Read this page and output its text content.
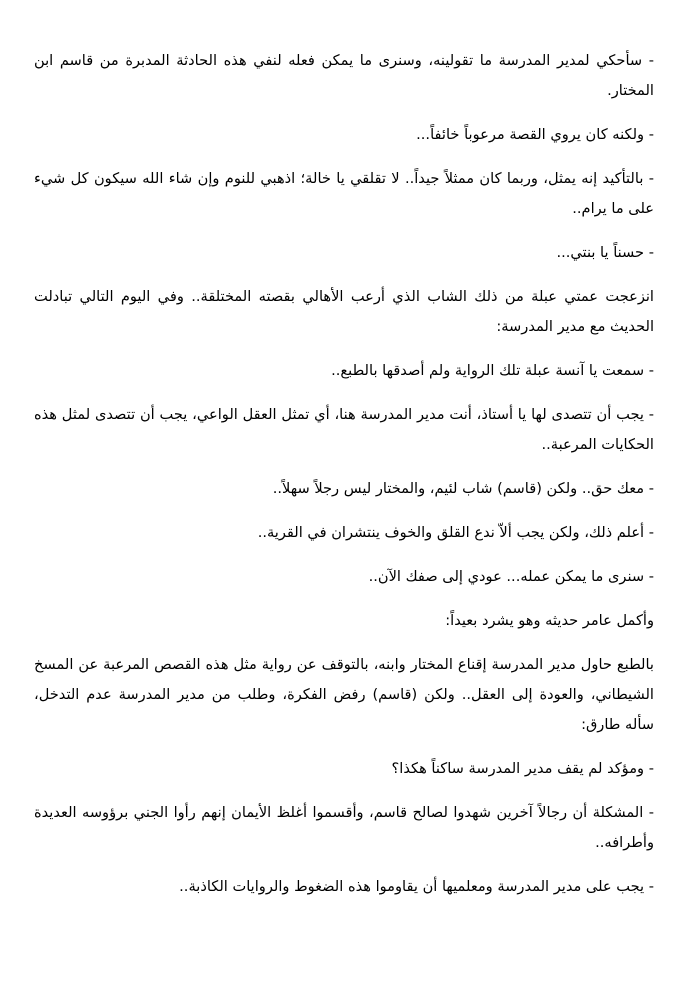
- سأحكي لمدير المدرسة ما تقولينه، وسنرى ما يمكن فعله لنفي هذه الحادثة المدبرة من قاسم ابن المختار.

- ولكنه كان يروي القصة مرعوباً خائفاً...

- بالتأكيد إنه يمثل، وربما كان ممثلاً جيداً.. لا تقلقي يا خالة؛ اذهبي للنوم وإن شاء الله سيكون كل شيء على ما يرام..

- حسناً يا بنتي...

انزعجت عمتي عبلة من ذلك الشاب الذي أرعب الأهالي بقصته المختلقة.. وفي اليوم التالي تبادلت الحديث مع مدير المدرسة:

- سمعت يا آنسة عبلة تلك الرواية ولم أصدقها بالطبع..

- يجب أن تتصدى لها يا أستاذ، أنت مدير المدرسة هنا، أي تمثل العقل الواعي، يجب أن تتصدى لمثل هذه الحكايات المرعبة..

- معك حق.. ولكن (قاسم) شاب لئيم، والمختار ليس رجلاً سهلاً..

- أعلم ذلك، ولكن يجب ألاّ ندع القلق والخوف ينتشران في القرية..

- سنرى ما يمكن عمله... عودي إلى صفك الآن..

وأكمل عامر حديثه وهو يشرد بعيداً:

بالطبع حاول مدير المدرسة إقناع المختار وابنه، بالتوقف عن رواية مثل هذه القصص المرعبة عن المسخ الشيطاني، والعودة إلى العقل.. ولكن (قاسم) رفض الفكرة، وطلب من مدير المدرسة عدم التدخل، سأله طارق:

- ومؤكد لم يقف مدير المدرسة ساكناً هكذا؟

- المشكلة أن رجالاً آخرين شهدوا لصالح قاسم، وأقسموا أغلظ الأيمان إنهم رأوا الجني برؤوسه العديدة وأطرافه..

- يجب على مدير المدرسة ومعلميها أن يقاوموا هذه الضغوط والروايات الكاذبة..
